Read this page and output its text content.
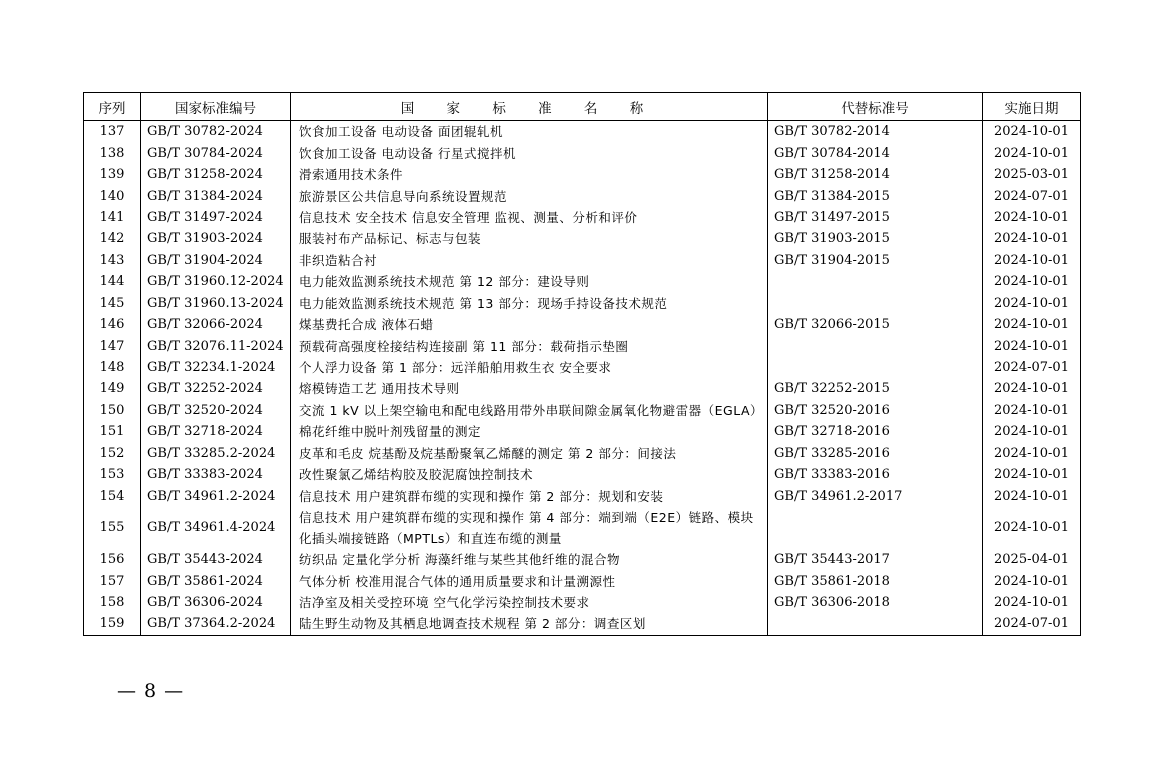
序列	国家标准编号	国 家 标 准 名 称	代替标准号	实施日期
137	GB/T 30782-2024	饮食加工设备 电动设备 面团辊轧机	GB/T 30782-2014	2024-10-01
138	GB/T 30784-2024	饮食加工设备 电动设备 行星式搅拌机	GB/T 30784-2014	2024-10-01
139	GB/T 31258-2024	滑索通用技术条件	GB/T 31258-2014	2025-03-01
140	GB/T 31384-2024	旅游景区公共信息导向系统设置规范	GB/T 31384-2015	2024-07-01
141	GB/T 31497-2024	信息技术 安全技术 信息安全管理 监视、测量、分析和评价	GB/T 31497-2015	2024-10-01
142	GB/T 31903-2024	服装衬布产品标记、标志与包装	GB/T 31903-2015	2024-10-01
143	GB/T 31904-2024	非织造粘合衬	GB/T 31904-2015	2024-10-01
144	GB/T 31960.12-2024	电力能效监测系统技术规范 第 12 部分：建设导则		2024-10-01
145	GB/T 31960.13-2024	电力能效监测系统技术规范 第 13 部分：现场手持设备技术规范		2024-10-01
146	GB/T 32066-2024	煤基费托合成 液体石蜡	GB/T 32066-2015	2024-10-01
147	GB/T 32076.11-2024	预载荷高强度栓接结构连接副 第 11 部分：载荷指示垫圈		2024-10-01
148	GB/T 32234.1-2024	个人浮力设备 第 1 部分：远洋船舶用救生衣 安全要求		2024-07-01
149	GB/T 32252-2024	熔模铸造工艺 通用技术导则	GB/T 32252-2015	2024-10-01
150	GB/T 32520-2024	交流 1 kV 以上架空输电和配电线路用带外串联间隙金属氧化物避雷器（EGLA）	GB/T 32520-2016	2024-10-01
151	GB/T 32718-2024	棉花纤维中脱叶剂残留量的测定	GB/T 32718-2016	2024-10-01
152	GB/T 33285.2-2024	皮革和毛皮 烷基酚及烷基酚聚氧乙烯醚的测定 第 2 部分：间接法	GB/T 33285-2016	2024-10-01
153	GB/T 33383-2024	改性聚氯乙烯结构胶及胶泥腐蚀控制技术	GB/T 33383-2016	2024-10-01
154	GB/T 34961.2-2024	信息技术 用户建筑群布缆的实现和操作 第 2 部分：规划和安装	GB/T 34961.2-2017	2024-10-01
155	GB/T 34961.4-2024	信息技术 用户建筑群布缆的实现和操作 第 4 部分：端到端（E2E）链路、模块化插头端接链路（MPTLs）和直连布缆的测量		2024-10-01
156	GB/T 35443-2024	纺织品 定量化学分析 海藻纤维与某些其他纤维的混合物	GB/T 35443-2017	2025-04-01
157	GB/T 35861-2024	气体分析 校准用混合气体的通用质量要求和计量溯源性	GB/T 35861-2018	2024-10-01
158	GB/T 36306-2024	洁净室及相关受控环境 空气化学污染控制技术要求	GB/T 36306-2018	2024-10-01
159	GB/T 37364.2-2024	陆生野生动物及其栖息地调查技术规程 第 2 部分：调查区划		2024-07-01
— 8 —
